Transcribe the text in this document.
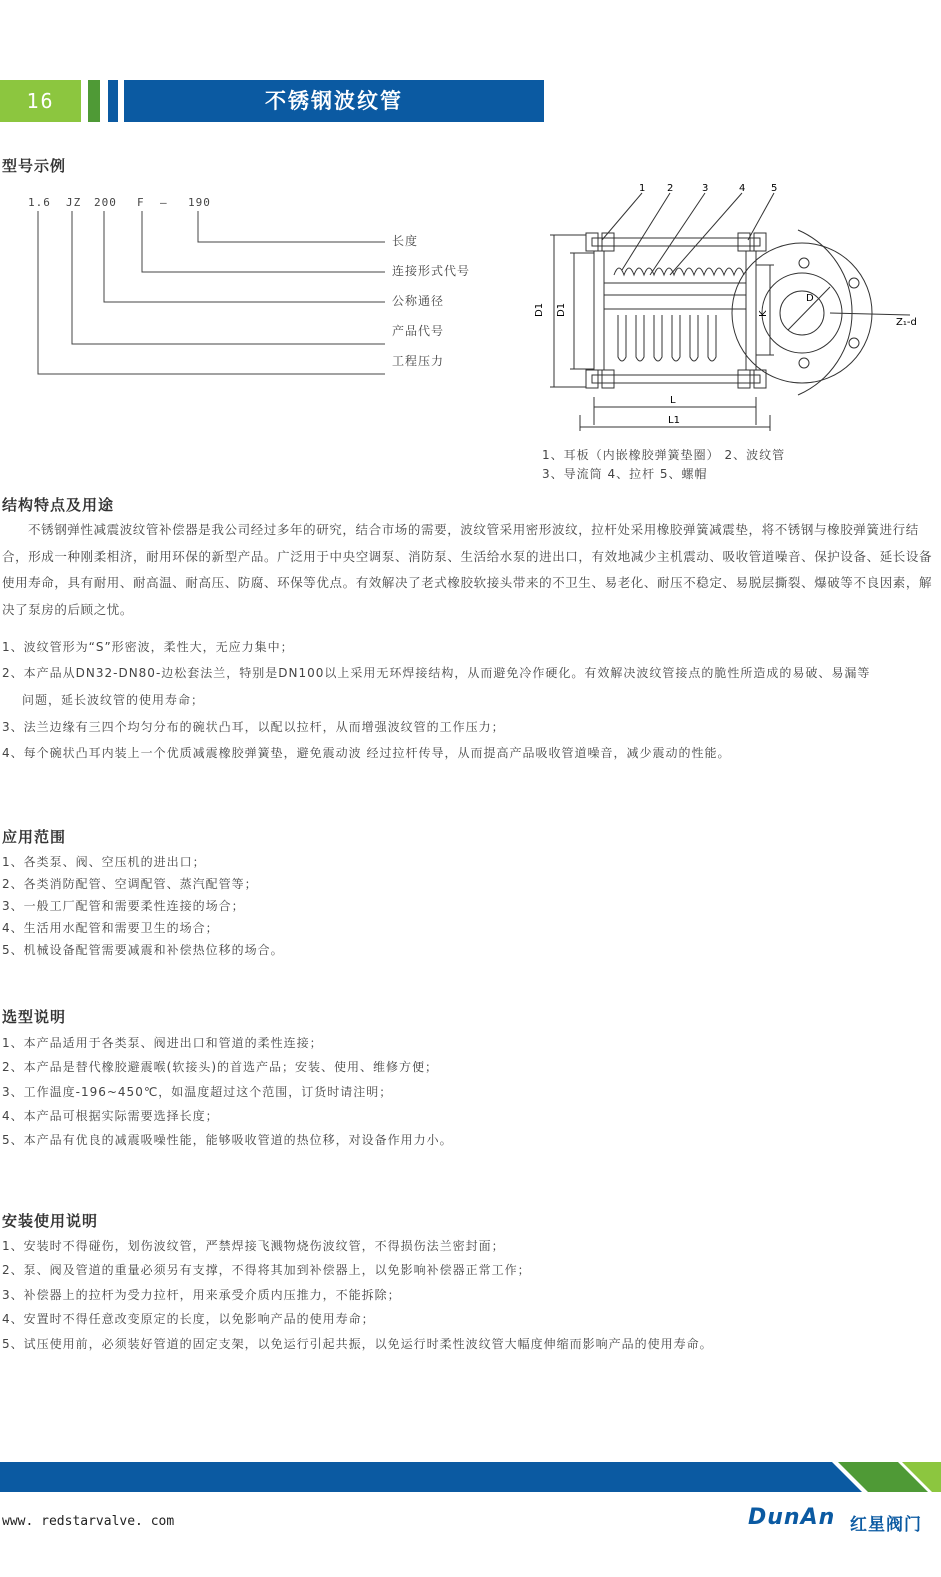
16	不锈钢波纹管
型号示例
1.6 JZ 200 F — 190
长度
连接形式代号
公称通径
产品代号
工程压力
1 2	3	4	5
D1 D1	K
L
L1
D
Z₁-d
1、耳板（内嵌橡胶弹簧垫圈） 2、波纹管
3、导流筒 4、拉杆 5、螺帽
结构特点及用途

不锈钢弹性减震波纹管补偿器是我公司经过多年的研究，结合市场的需要，波纹管采用密形波纹，拉杆处采用橡胶弹簧减震垫，将不锈钢与橡胶弹簧进行结合，形成一种刚柔相济，耐用环保的新型产品。广泛用于中央空调泵、消防泵、生活给水泵的进出口，有效地减少主机震动、吸收管道噪音、保护设备、延长设备使用寿命，具有耐用、耐高温、耐高压、防腐、环保等优点。有效解决了老式橡胶软接头带来的不卫生、易老化、耐压不稳定、易脱层撕裂、爆破等不良因素，解决了泵房的后顾之忧。

1、波纹管形为“S”形密波，柔性大，无应力集中；
2、本产品从DN32-DN80-边松套法兰，特别是DN100以上采用无环焊接结构，从而避免冷作硬化。有效解决波纹管接点的脆性所造成的易破、易漏等
问题，延长波纹管的使用寿命；
3、法兰边缘有三四个均匀分布的碗状凸耳，以配以拉杆，从而增强波纹管的工作压力；
4、每个碗状凸耳内装上一个优质减震橡胶弹簧垫，避免震动波 经过拉杆传导，从而提高产品吸收管道噪音，减少震动的性能。
应用范围
1、各类泵、阀、空压机的进出口；
2、各类消防配管、空调配管、蒸汽配管等；
3、一般工厂配管和需要柔性连接的场合；
4、生活用水配管和需要卫生的场合；
5、机械设备配管需要减震和补偿热位移的场合。
选型说明
1、本产品适用于各类泵、阀进出口和管道的柔性连接；
2、本产品是替代橡胶避震喉(软接头)的首选产品；安装、使用、维修方便；
3、工作温度-196~450℃，如温度超过这个范围，订货时请注明；
4、本产品可根据实际需要选择长度；
5、本产品有优良的减震吸噪性能，能够吸收管道的热位移，对设备作用力小。
安装使用说明
1、安装时不得碰伤，划伤波纹管，严禁焊接飞溅物烧伤波纹管，不得损伤法兰密封面；
2、泵、阀及管道的重量必须另有支撑，不得将其加到补偿器上，以免影响补偿器正常工作；
3、补偿器上的拉杆为受力拉杆，用来承受介质内压推力，不能拆除；
4、安置时不得任意改变原定的长度，以免影响产品的使用寿命；
5、试压使用前，必须装好管道的固定支架，以免运行引起共振，以免运行时柔性波纹管大幅度伸缩而影响产品的使用寿命。
www. redstarvalve. com	DunAn 红星阀门
